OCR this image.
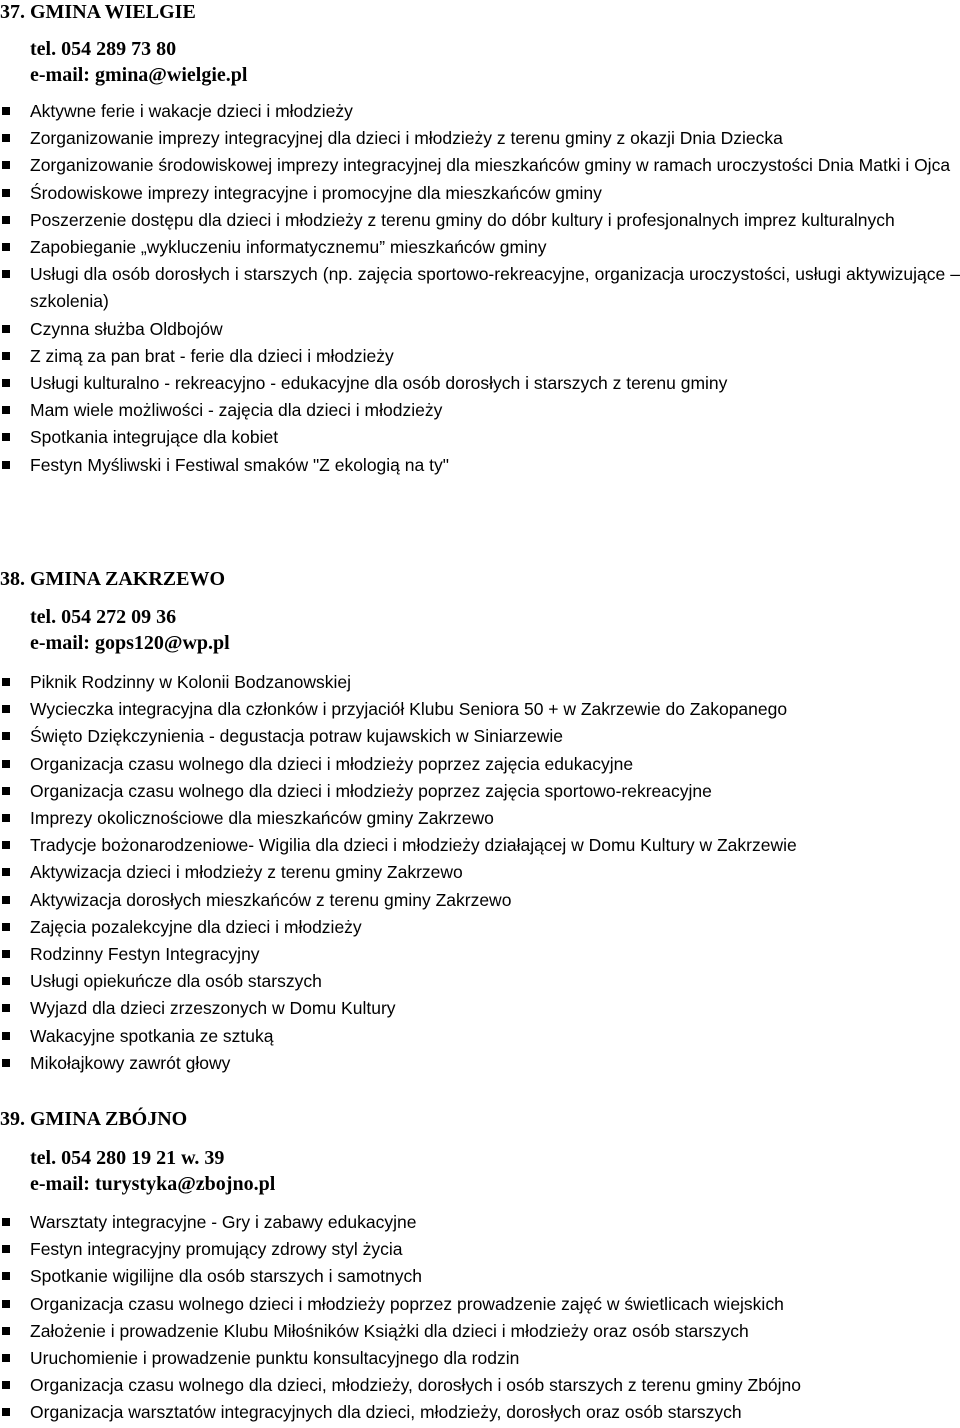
37. GMINA WIELGIE
tel. 054 289 73 80
e-mail: gmina@wielgie.pl
Aktywne ferie i wakacje dzieci i młodzieży
Zorganizowanie imprezy integracyjnej dla dzieci i młodzieży z terenu gminy z okazji Dnia Dziecka
Zorganizowanie środowiskowej imprezy integracyjnej dla mieszkańców gminy w ramach uroczystości Dnia Matki i Ojca
Środowiskowe imprezy integracyjne i promocyjne dla mieszkańców gminy
Poszerzenie dostępu dla dzieci i młodzieży z terenu gminy do dóbr kultury i profesjonalnych imprez kulturalnych
Zapobieganie „wykluczeniu informatycznemu” mieszkańców gminy
Usługi dla osób dorosłych i starszych (np. zajęcia sportowo-rekreacyjne, organizacja uroczystości, usługi aktywizujące – szkolenia)
Czynna służba Oldbojów
Z zimą za pan brat - ferie dla dzieci i młodzieży
Usługi kulturalno - rekreacyjno - edukacyjne dla osób dorosłych i starszych z terenu gminy
Mam wiele możliwości - zajęcia dla dzieci i młodzieży
Spotkania integrujące dla kobiet
Festyn Myśliwski i Festiwal smaków "Z ekologią na ty"
38. GMINA ZAKRZEWO
tel. 054 272 09 36
e-mail: gops120@wp.pl
Piknik Rodzinny w Kolonii Bodzanowskiej
Wycieczka integracyjna dla członków i przyjaciół Klubu Seniora 50 + w Zakrzewie do Zakopanego
Święto Dziękczynienia - degustacja potraw kujawskich w Siniarzewie
Organizacja czasu wolnego dla dzieci i młodzieży poprzez zajęcia edukacyjne
Organizacja czasu wolnego dla dzieci i młodzieży poprzez zajęcia sportowo-rekreacyjne
Imprezy okolicznościowe dla mieszkańców gminy Zakrzewo
Tradycje bożonarodzeniowe- Wigilia dla dzieci i młodzieży działającej w Domu Kultury w Zakrzewie
Aktywizacja dzieci i młodzieży z terenu gminy Zakrzewo
Aktywizacja dorosłych mieszkańców z terenu gminy Zakrzewo
Zajęcia pozalekcyjne dla dzieci i młodzieży
Rodzinny Festyn Integracyjny
Usługi opiekuńcze dla osób starszych
Wyjazd dla dzieci zrzeszonych w Domu Kultury
Wakacyjne spotkania ze sztuką
Mikołajkowy zawrót głowy
39. GMINA ZBÓJNO
tel. 054 280 19 21 w. 39
e-mail: turystyka@zbojno.pl
Warsztaty integracyjne - Gry i zabawy edukacyjne
Festyn integracyjny promujący zdrowy styl życia
Spotkanie wigilijne dla osób starszych i samotnych
Organizacja czasu wolnego dzieci i młodzieży poprzez prowadzenie zajęć w świetlicach wiejskich
Założenie i prowadzenie Klubu Miłośników Książki dla dzieci i młodzieży oraz osób starszych
Uruchomienie i prowadzenie punktu konsultacyjnego dla rodzin
Organizacja czasu wolnego dla dzieci, młodzieży, dorosłych i osób starszych z terenu gminy Zbójno
Organizacja warsztatów integracyjnych dla dzieci, młodzieży, dorosłych oraz osób starszych
